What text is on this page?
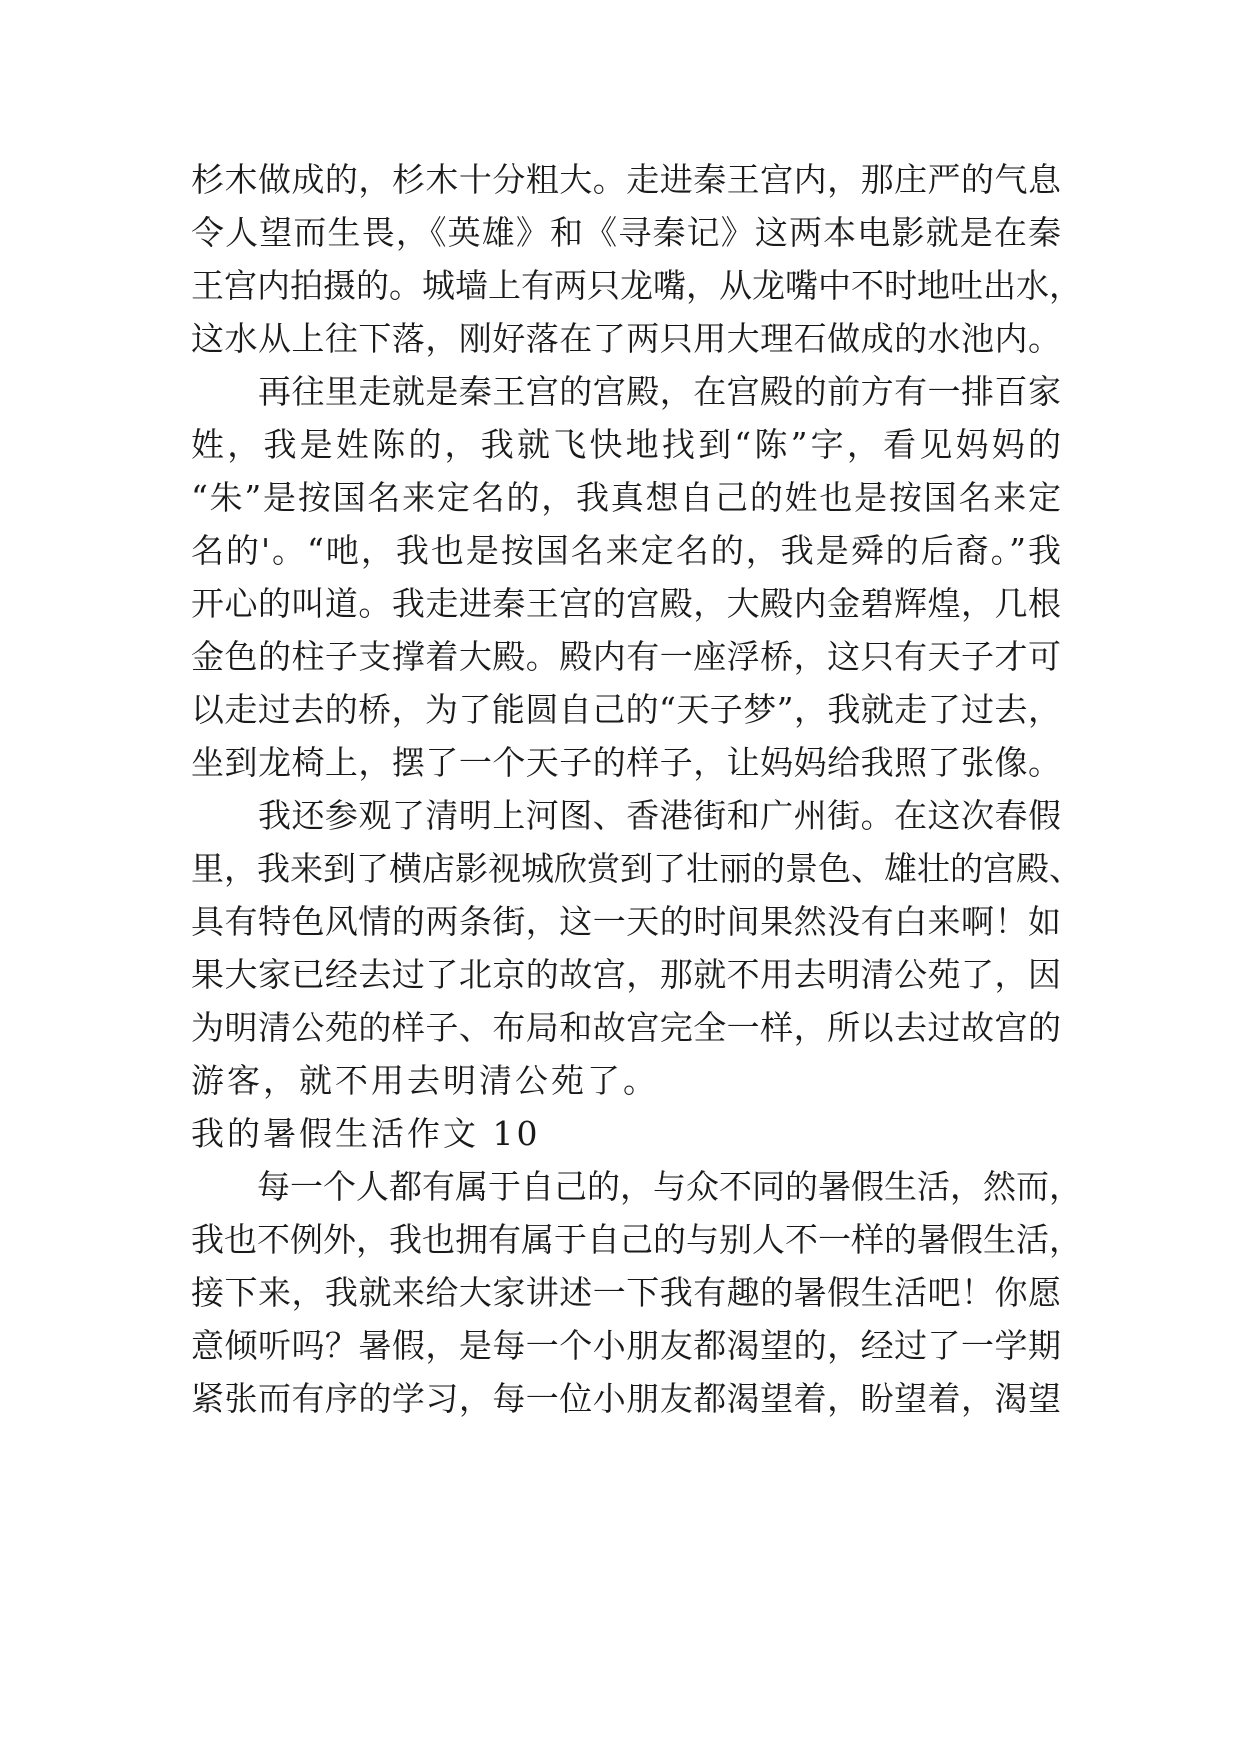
杉木做成的，杉木十分粗大。走进秦王宫内，那庄严的气息
令人望而生畏，《英雄》和《寻秦记》这两本电影就是在秦
王宫内拍摄的。城墙上有两只龙嘴，从龙嘴中不时地吐出水，
这水从上往下落，刚好落在了两只用大理石做成的水池内。
　　再往里走就是秦王宫的宫殿，在宫殿的前方有一排百家
姓，我是姓陈的，我就飞快地找到“陈”字，看见妈妈的
“朱”是按国名来定名的，我真想自己的姓也是按国名来定
名的'。“吔，我也是按国名来定名的，我是舜的后裔。”我
开心的叫道。我走进秦王宫的宫殿，大殿内金碧辉煌，几根
金色的柱子支撑着大殿。殿内有一座浮桥，这只有天子才可
以走过去的桥，为了能圆自己的“天子梦”，我就走了过去，
坐到龙椅上，摆了一个天子的样子，让妈妈给我照了张像。
　　我还参观了清明上河图、香港街和广州街。在这次春假
里，我来到了横店影视城欣赏到了壮丽的景色、雄壮的宫殿、
具有特色风情的两条街，这一天的时间果然没有白来啊！如
果大家已经去过了北京的故宫，那就不用去明清公苑了，因
为明清公苑的样子、布局和故宫完全一样，所以去过故宫的
游客，就不用去明清公苑了。
我的暑假生活作文 10
　　每一个人都有属于自己的，与众不同的暑假生活，然而，
我也不例外，我也拥有属于自己的与别人不一样的暑假生活，
接下来，我就来给大家讲述一下我有趣的暑假生活吧！你愿
意倾听吗？暑假，是每一个小朋友都渴望的，经过了一学期
紧张而有序的学习，每一位小朋友都渴望着，盼望着，渴望
